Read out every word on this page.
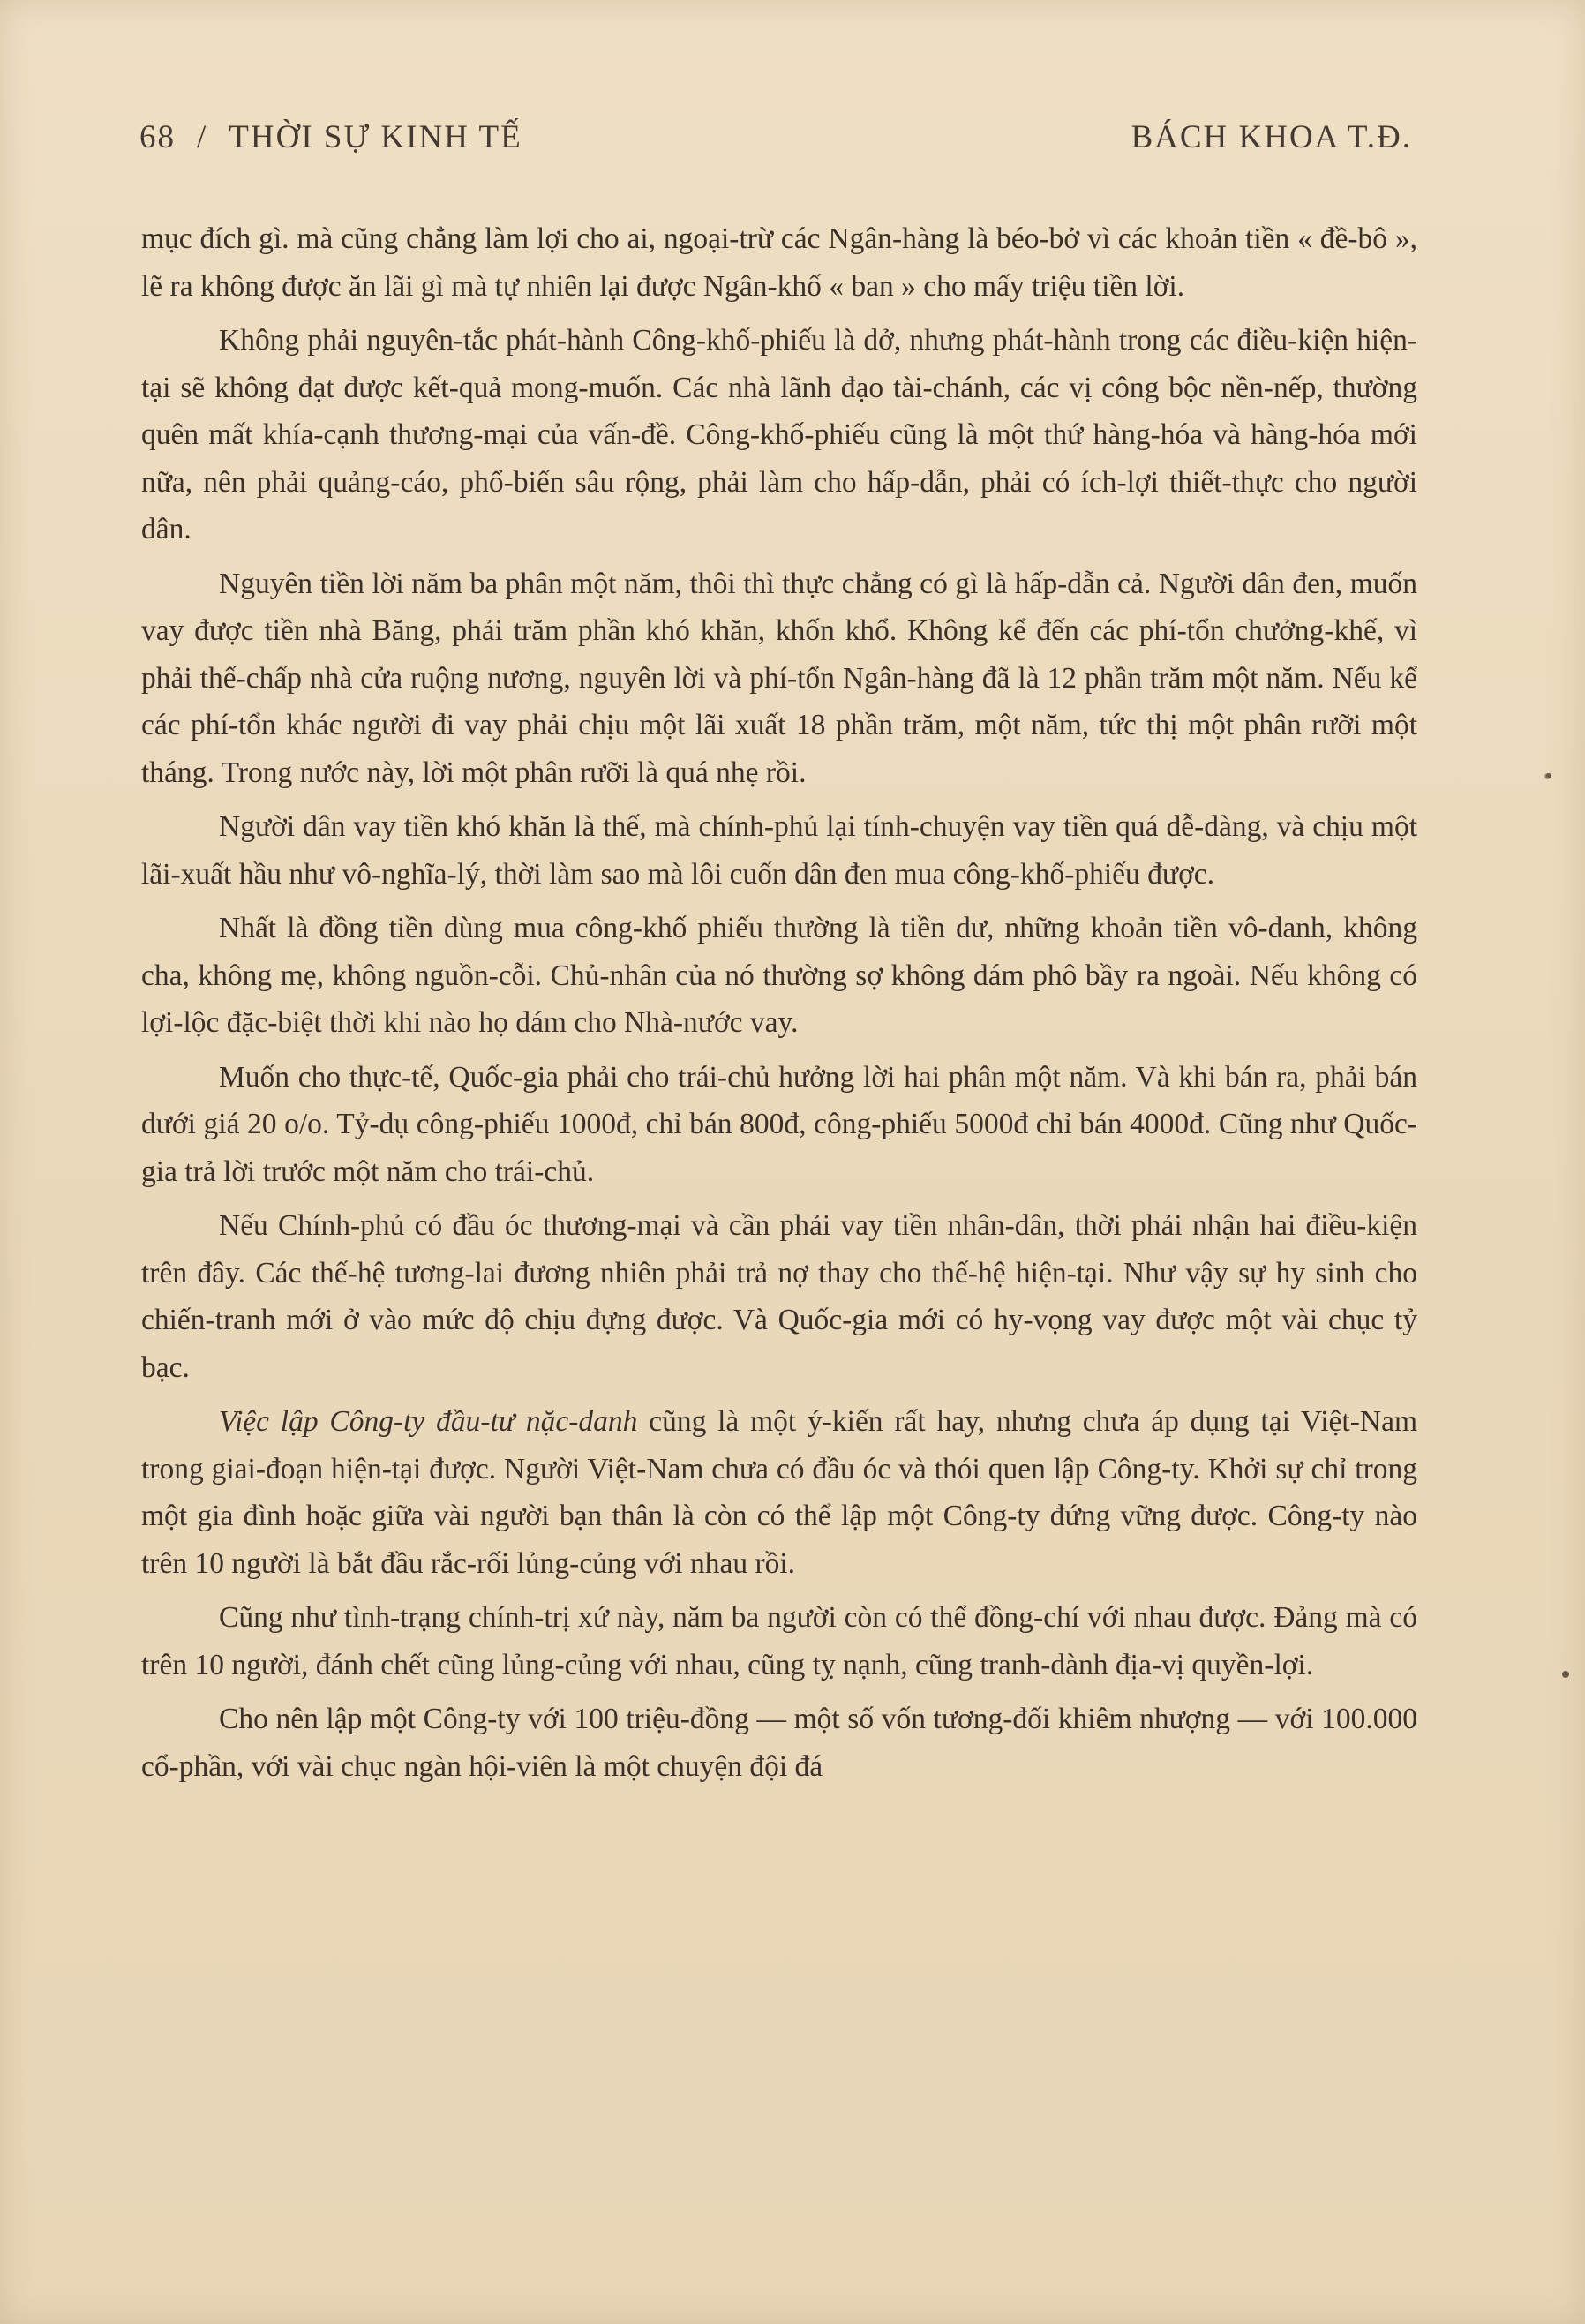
68 / THỜI SỰ KINH TẾ	BÁCH KHOA T.Đ.

mục đích gì. mà cũng chẳng làm lợi cho ai, ngoại-trừ các Ngân-hàng là béo-bở vì các khoản tiền « đề-bô », lẽ ra không được ăn lãi gì mà tự nhiên lại được Ngân-khố « ban » cho mấy triệu tiền lời.

Không phải nguyên-tắc phát-hành Công-khố-phiếu là dở, nhưng phát-hành trong các điều-kiện hiện-tại sẽ không đạt được kết-quả mong-muốn. Các nhà lãnh đạo tài-chánh, các vị công bộc nền-nếp, thường quên mất khía-cạnh thương-mại của vấn-đề. Công-khố-phiếu cũng là một thứ hàng-hóa và hàng-hóa mới nữa, nên phải quảng-cáo, phổ-biến sâu rộng, phải làm cho hấp-dẫn, phải có ích-lợi thiết-thực cho người dân.

Nguyên tiền lời năm ba phân một năm, thôi thì thực chẳng có gì là hấp-dẫn cả. Người dân đen, muốn vay được tiền nhà Băng, phải trăm phần khó khăn, khốn khổ. Không kể đến các phí-tổn chưởng-khế, vì phải thế-chấp nhà cửa ruộng nương, nguyên lời và phí-tổn Ngân-hàng đã là 12 phần trăm một năm. Nếu kể các phí-tổn khác người đi vay phải chịu một lãi xuất 18 phần trăm, một năm, tức thị một phân rưỡi một tháng. Trong nước này, lời một phân rưỡi là quá nhẹ rồi.

Người dân vay tiền khó khăn là thế, mà chính-phủ lại tính-chuyện vay tiền quá dễ-dàng, và chịu một lãi-xuất hầu như vô-nghĩa-lý, thời làm sao mà lôi cuốn dân đen mua công-khố-phiếu được.

Nhất là đồng tiền dùng mua công-khố phiếu thường là tiền dư, những khoản tiền vô-danh, không cha, không mẹ, không nguồn-cỗi. Chủ-nhân của nó thường sợ không dám phô bầy ra ngoài. Nếu không có lợi-lộc đặc-biệt thời khi nào họ dám cho Nhà-nước vay.

Muốn cho thực-tế, Quốc-gia phải cho trái-chủ hưởng lời hai phân một năm. Và khi bán ra, phải bán dưới giá 20 o/o. Tỷ-dụ công-phiếu 1000đ, chỉ bán 800đ, công-phiếu 5000đ chỉ bán 4000đ. Cũng như Quốc-gia trả lời trước một năm cho trái-chủ.

Nếu Chính-phủ có đầu óc thương-mại và cần phải vay tiền nhân-dân, thời phải nhận hai điều-kiện trên đây. Các thế-hệ tương-lai đương nhiên phải trả nợ thay cho thế-hệ hiện-tại. Như vậy sự hy sinh cho chiến-tranh mới ở vào mức độ chịu đựng được. Và Quốc-gia mới có hy-vọng vay được một vài chục tỷ bạc.

Việc lập Công-ty đầu-tư nặc-danh cũng là một ý-kiến rất hay, nhưng chưa áp dụng tại Việt-Nam trong giai-đoạn hiện-tại được. Người Việt-Nam chưa có đầu óc và thói quen lập Công-ty. Khởi sự chỉ trong một gia đình hoặc giữa vài người bạn thân là còn có thể lập một Công-ty đứng vững được. Công-ty nào trên 10 người là bắt đầu rắc-rối lủng-củng với nhau rồi.

Cũng như tình-trạng chính-trị xứ này, năm ba người còn có thể đồng-chí với nhau được. Đảng mà có trên 10 người, đánh chết cũng lủng-củng với nhau, cũng tỵ nạnh, cũng tranh-dành địa-vị quyền-lợi.

Cho nên lập một Công-ty với 100 triệu-đồng — một số vốn tương-đối khiêm nhượng — với 100.000 cổ-phần, với vài chục ngàn hội-viên là một chuyện đội đá
